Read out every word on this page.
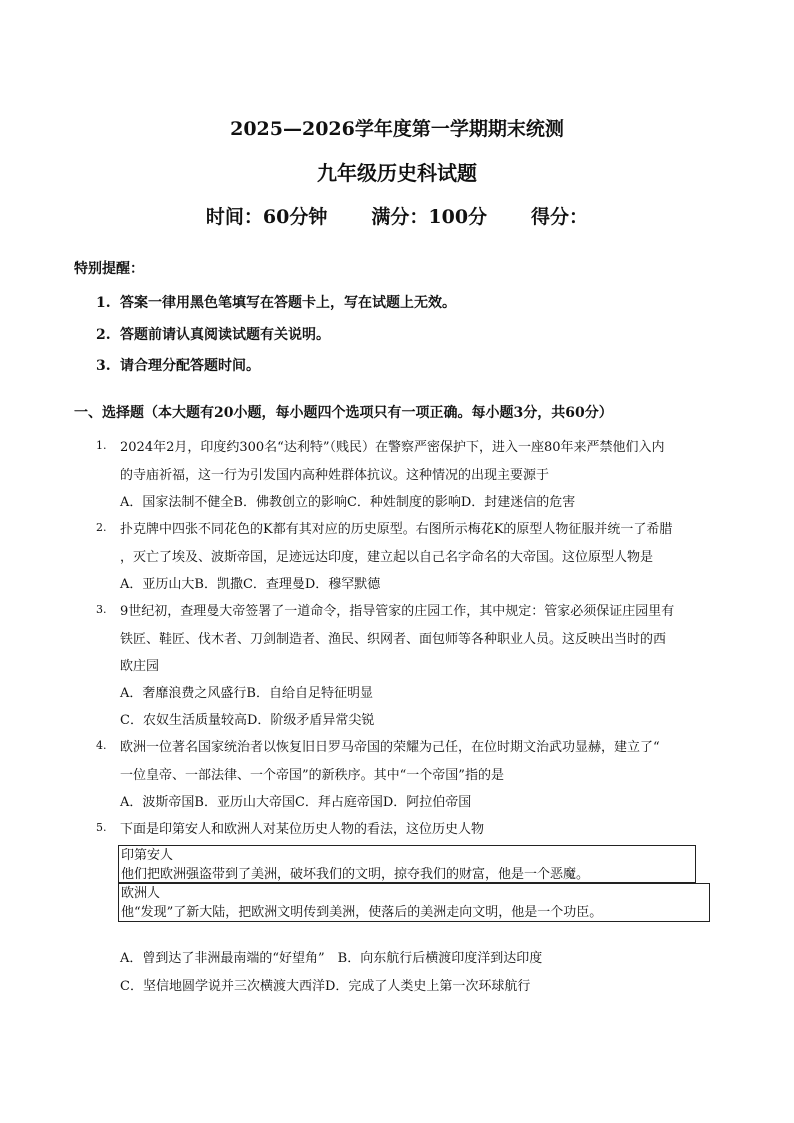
2025—2026学年度第一学期期末统测
九年级历史科试题
时间：60分钟 满分：100分 得分：
特别提醒：
1. 答案一律用黑色笔填写在答题卡上，写在试题上无效。
2. 答题前请认真阅读试题有关说明。
3. 请合理分配答题时间。
一、选择题（本大题有20小题，每小题四个选项只有一项正确。每小题3分，共60分）
1. 2024年2月，印度约300名“达利特”（贱民）在警察严密保护下，进入一座80年来严禁他们入内
的寺庙祈福，这一行为引发国内高种姓群体抗议。这种情况的出现主要源于
A．国家法制不健全B．佛教创立的影响C．种姓制度的影响D．封建迷信的危害
2. 扑克牌中四张不同花色的K都有其对应的历史原型。右图所示梅花K的原型人物征服并统一了希腊
，灭亡了埃及、波斯帝国，足迹远达印度，建立起以自己名字命名的大帝国。这位原型人物是
A．亚历山大B．凯撒C．查理曼D．穆罕默德
3. 9世纪初，查理曼大帝签署了一道命令，指导管家的庄园工作，其中规定：管家必须保证庄园里有
铁匠、鞋匠、伐木者、刀剑制造者、渔民、织网者、面包师等各种职业人员。这反映出当时的西
欧庄园
A．奢靡浪费之风盛行B．自给自足特征明显
C．农奴生活质量较高D．阶级矛盾异常尖锐
4. 欧洲一位著名国家统治者以恢复旧日罗马帝国的荣耀为己任，在位时期文治武功显赫，建立了“
一位皇帝、一部法律、一个帝国”的新秩序。其中“一个帝国”指的是
A．波斯帝国B．亚历山大帝国C．拜占庭帝国D．阿拉伯帝国
5. 下面是印第安人和欧洲人对某位历史人物的看法，这位历史人物
印第安人
他们把欧洲强盗带到了美洲，破坏我们的文明，掠夺我们的财富，他是一个恶魔。
欧洲人
他“发现”了新大陆，把欧洲文明传到美洲，使落后的美洲走向文明，他是一个功臣。
A．曾到达了非洲最南端的“好望角”　B．向东航行后横渡印度洋到达印度
C．坚信地圆学说并三次横渡大西洋D．完成了人类史上第一次环球航行
